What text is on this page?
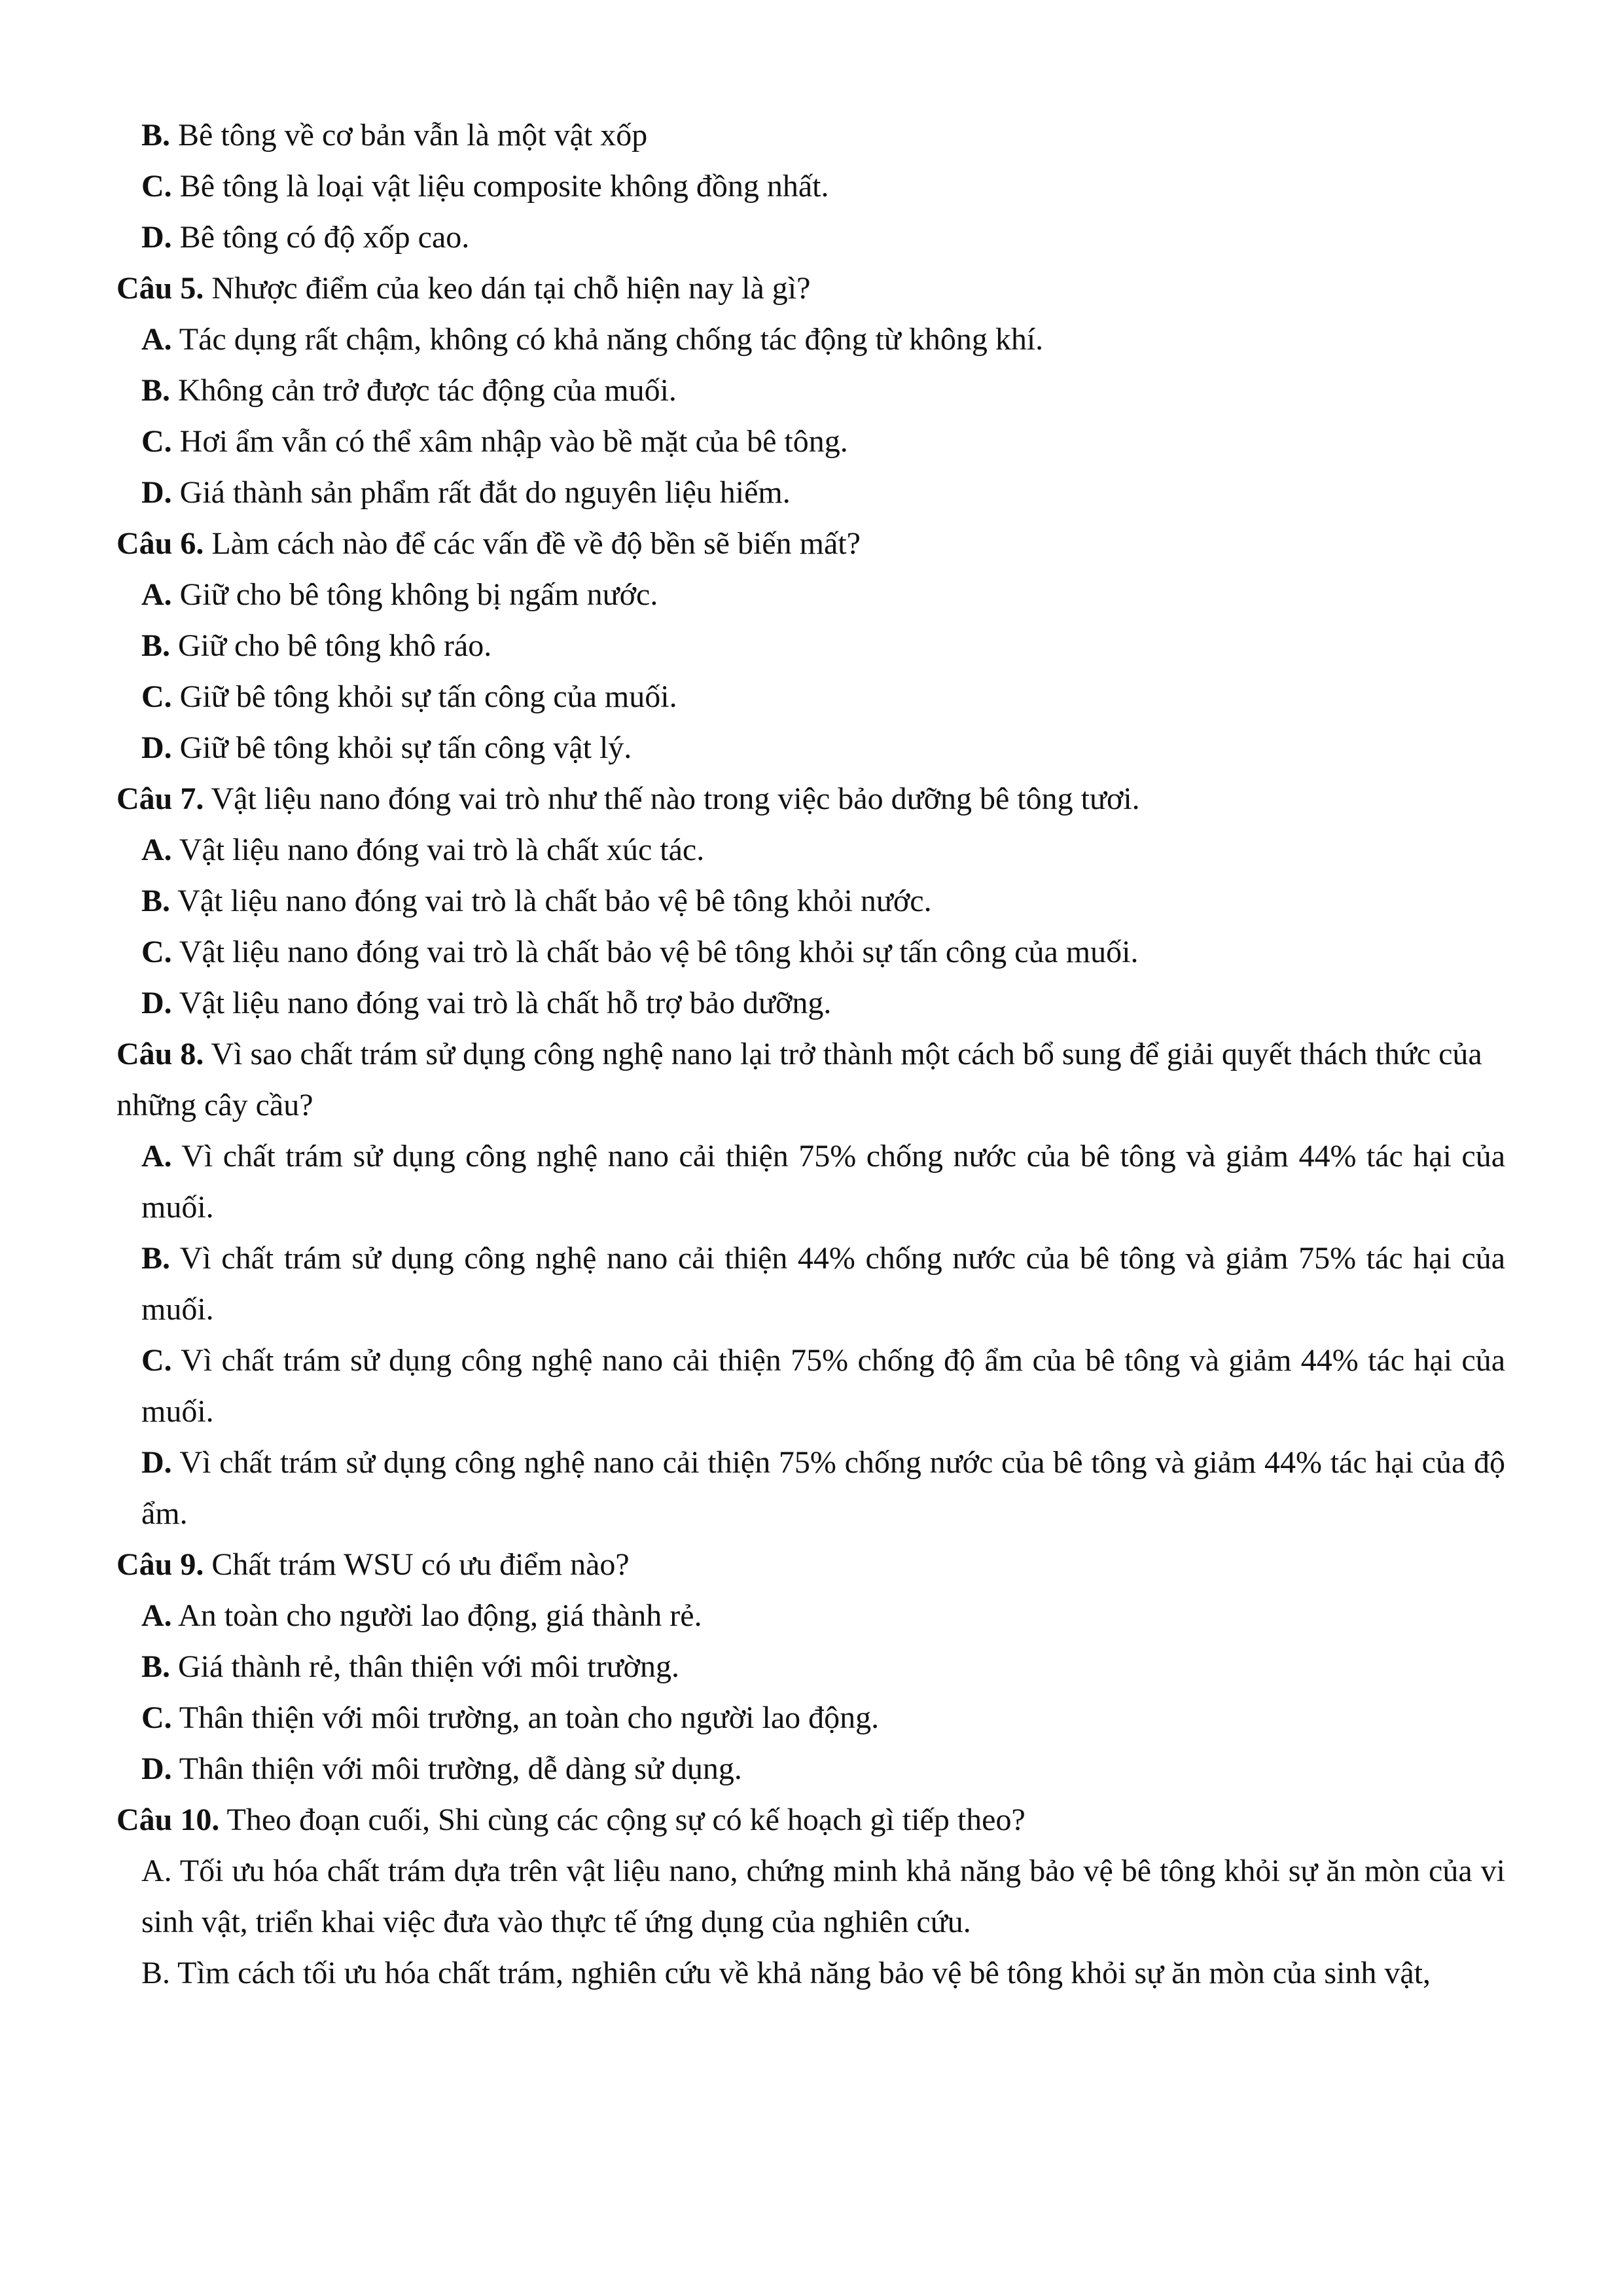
B. Bê tông về cơ bản vẫn là một vật xốp

C. Bê tông là loại vật liệu composite không đồng nhất.

D. Bê tông có độ xốp cao.

Câu 5. Nhược điểm của keo dán tại chỗ hiện nay là gì?

A. Tác dụng rất chậm, không có khả năng chống tác động từ không khí.

B. Không cản trở được tác động của muối.

C. Hơi ẩm vẫn có thể xâm nhập vào bề mặt của bê tông.

D. Giá thành sản phẩm rất đắt do nguyên liệu hiếm.

Câu 6. Làm cách nào để các vấn đề về độ bền sẽ biến mất?

A. Giữ cho bê tông không bị ngấm nước.

B. Giữ cho bê tông khô ráo.

C. Giữ bê tông khỏi sự tấn công của muối.

D. Giữ bê tông khỏi sự tấn công vật lý.

Câu 7. Vật liệu nano đóng vai trò như thế nào trong việc bảo dưỡng bê tông tươi.

A. Vật liệu nano đóng vai trò là chất xúc tác.

B. Vật liệu nano đóng vai trò là chất bảo vệ bê tông khỏi nước.

C. Vật liệu nano đóng vai trò là chất bảo vệ bê tông khỏi sự tấn công của muối.

D. Vật liệu nano đóng vai trò là chất hỗ trợ bảo dưỡng.

Câu 8. Vì sao chất trám sử dụng công nghệ nano lại trở thành một cách bổ sung để giải quyết thách thức của những cây cầu?

A. Vì chất trám sử dụng công nghệ nano cải thiện 75% chống nước của bê tông và giảm 44% tác hại của muối.

B. Vì chất trám sử dụng công nghệ nano cải thiện 44% chống nước của bê tông và giảm 75% tác hại của muối.

C. Vì chất trám sử dụng công nghệ nano cải thiện 75% chống độ ẩm của bê tông và giảm 44% tác hại của muối.

D. Vì chất trám sử dụng công nghệ nano cải thiện 75% chống nước của bê tông và giảm 44% tác hại của độ ẩm.

Câu 9. Chất trám WSU có ưu điểm nào?

A. An toàn cho người lao động, giá thành rẻ.

B. Giá thành rẻ, thân thiện với môi trường.

C. Thân thiện với môi trường, an toàn cho người lao động.

D. Thân thiện với môi trường, dễ dàng sử dụng.

Câu 10. Theo đoạn cuối, Shi cùng các cộng sự có kế hoạch gì tiếp theo?

A. Tối ưu hóa chất trám dựa trên vật liệu nano, chứng minh khả năng bảo vệ bê tông khỏi sự ăn mòn của vi sinh vật, triển khai việc đưa vào thực tế ứng dụng của nghiên cứu.

B. Tìm cách tối ưu hóa chất trám, nghiên cứu về khả năng bảo vệ bê tông khỏi sự ăn mòn của sinh vật,
